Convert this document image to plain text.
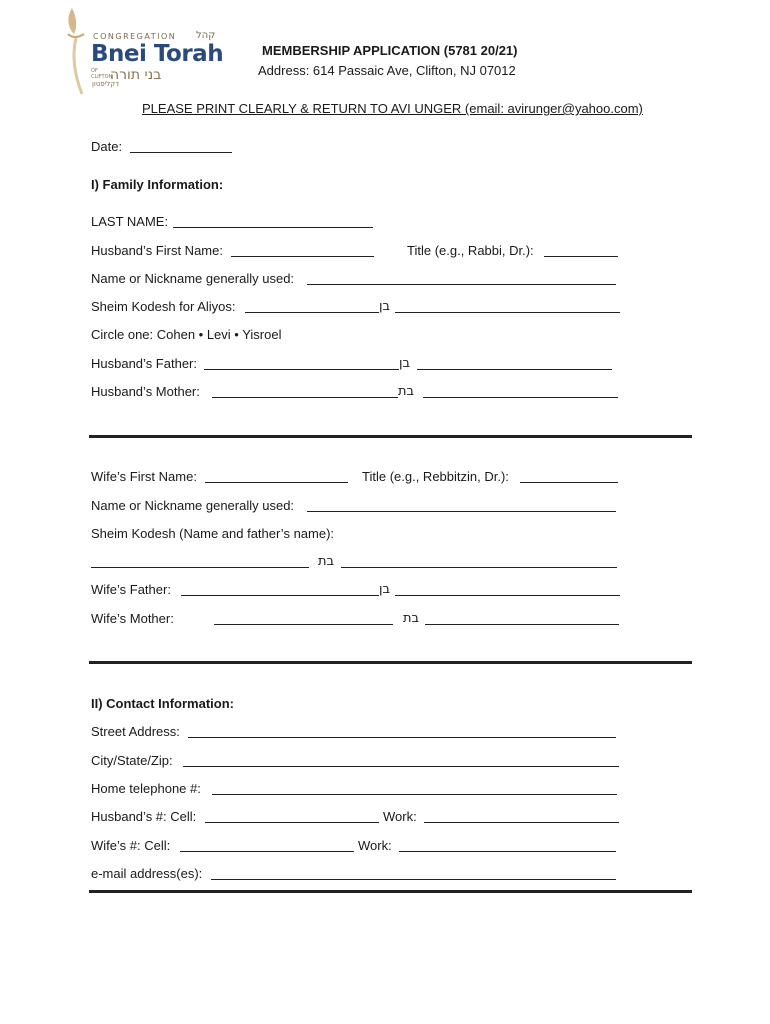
CONGREGATION קהל
Bnei Torah
OF CLIFTON
בני תורה
דקליפטון
MEMBERSHIP APPLICATION (5781 20/21)
Address: 614 Passaic Ave, Clifton, NJ 07012
PLEASE PRINT CLEARLY & RETURN TO AVI UNGER (email: avirunger@yahoo.com)
Date:
I) Family Information:
LAST NAME:
Husband’s First Name:	Title (e.g., Rabbi, Dr.):
Name or Nickname generally used:
Sheim Kodesh for Aliyos:	בן
Circle one: Cohen • Levi • Yisroel
Husband’s Father:	בן
Husband’s Mother:	בת
Wife’s First Name:	Title (e.g., Rebbitzin, Dr.):
Name or Nickname generally used:
Sheim Kodesh (Name and father’s name):
בת
Wife’s Father:	בן
Wife’s Mother:	בת
II) Contact Information:
Street Address:
City/State/Zip:
Home telephone #:
Husband’s #: Cell:	Work:
Wife’s #: Cell:	Work:
e-mail address(es):
